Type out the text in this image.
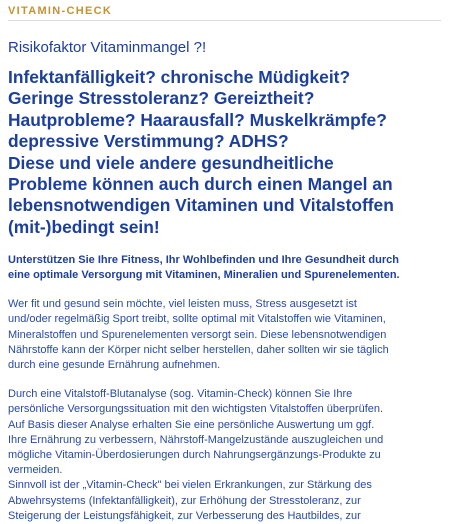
VITAMIN-CHECK
Risikofaktor Vitaminmangel ?!
Infektanfälligkeit? chronische Müdigkeit?
Geringe Stresstoleranz? Gereiztheit?
Hautprobleme? Haarausfall? Muskelkrämpfe?
depressive Verstimmung? ADHS?
Diese und viele andere gesundheitliche
Probleme können auch durch einen Mangel an
lebensnotwendigen Vitaminen und Vitalstoffen
(mit-)bedingt sein!
Unterstützen Sie Ihre Fitness, Ihr Wohlbefinden und Ihre Gesundheit durch
eine optimale Versorgung mit Vitaminen, Mineralien und Spurenelementen.
Wer fit und gesund sein möchte, viel leisten muss, Stress ausgesetzt ist
und/oder regelmäßig Sport treibt, sollte optimal mit Vitalstoffen wie Vitaminen,
Mineralstoffen und Spurenelementen versorgt sein. Diese lebensnotwendigen
Nährstoffe kann der Körper nicht selber herstellen, daher sollten wir sie täglich
durch eine gesunde Ernährung aufnehmen.
Durch eine Vitalstoff-Blutanalyse (sog. Vitamin-Check) können Sie Ihre
persönliche Versorgungssituation mit den wichtigsten Vitalstoffen überprüfen.
Auf Basis dieser Analyse erhalten Sie eine persönliche Auswertung um ggf.
Ihre Ernährung zu verbessern, Nährstoff-Mangelzustände auszugleichen und
mögliche Vitamin-Überdosierungen durch Nahrungsergänzungs-Produkte zu
vermeiden.
Sinnvoll ist der „Vitamin-Check" bei vielen Erkrankungen, zur Stärkung des
Abwehrsystems (Infektanfälligkeit), zur Erhöhung der Stresstoleranz, zur
Steigerung der Leistungsfähigkeit, zur Verbesserung des Hautbildes, zur
